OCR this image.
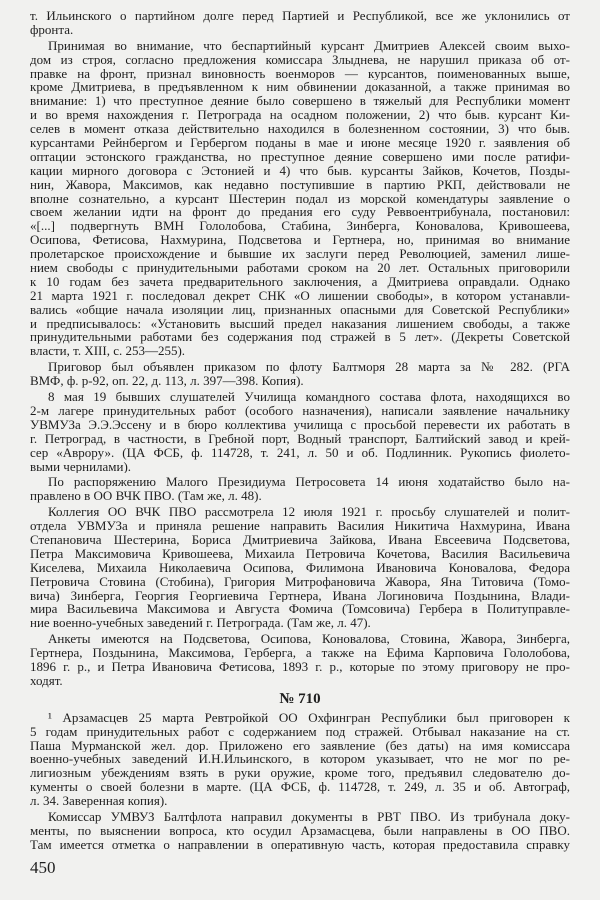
т. Ильинского о партийном долге перед Партией и Республикой, все же уклонились от
фронта.
Принимая во внимание, что беспартийный курсант Дмитриев Алексей своим выхо-
дом из строя, согласно предложения комиссара Злыднева, не нарушил приказа об от-
правке на фронт, признал виновность военморов — курсантов, поименованных выше,
кроме Дмитриева, в предъявленном к ним обвинении доказанной, а также принимая во
внимание: 1) что преступное деяние было совершено в тяжелый для Республики момент
и во время нахождения г. Петрограда на осадном положении, 2) что быв. курсант Ки-
селев в момент отказа действительно находился в болезненном состоянии, 3) что быв.
курсантами Рейнбергом и Гербергом поданы в мае и июне месяце 1920 г. заявления об
оптации эстонского гражданства, но преступное деяние совершено ими после ратифи-
кации мирного договора с Эстонией и 4) что быв. курсанты Зайков, Кочетов, Позды-
нин, Жавора, Максимов, как недавно поступившие в партию РКП, действовали не
вполне сознательно, а курсант Шестерин подал из морской комендатуры заявление о
своем желании идти на фронт до предания его суду Реввоентрибунала, постановил:
«[...] подвергнуть ВМН Гололобова, Стабина, Зинберга, Коновалова, Кривошеева,
Осипова, Фетисова, Нахмурина, Подсветова и Гертнера, но, принимая во внимание
пролетарское происхождение и бывшие их заслуги перед Революцией, заменил лише-
нием свободы с принудительными работами сроком на 20 лет. Остальных приговорили
к 10 годам без зачета предварительного заключения, а Дмитриева оправдали. Однако
21 марта 1921 г. последовал декрет СНК «О лишении свободы», в котором устанавли-
вались «общие начала изоляции лиц, признанных опасными для Советской Республики»
и предписывалось: «Установить высший предел наказания лишением свободы, а также
принудительными работами без содержания под стражей в 5 лет». (Декреты Советской
власти, т. XIII, с. 253—255).
Приговор был объявлен приказом по флоту Балтморя 28 марта за № 282. (РГА
ВМФ, ф. р-92, оп. 22, д. 113, л. 397—398. Копия).
8 мая 19 бывших слушателей Училища командного состава флота, находящихся во
2-м лагере принудительных работ (особого назначения), написали заявление начальнику
УВМУЗа Э.Э.Эссену и в бюро коллектива училища с просьбой перевести их работать в
г. Петроград, в частности, в Гребной порт, Водный транспорт, Балтийский завод и крей-
сер «Аврору». (ЦА ФСБ, ф. 114728, т. 241, л. 50 и об. Подлинник. Рукопись фиолето-
выми чернилами).
По распоряжению Малого Президиума Петросовета 14 июня ходатайство было на-
правлено в ОО ВЧК ПВО. (Там же, л. 48).
Коллегия ОО ВЧК ПВО рассмотрела 12 июля 1921 г. просьбу слушателей и полит-
отдела УВМУЗа и приняла решение направить Василия Никитича Нахмурина, Ивана
Степановича Шестерина, Бориса Дмитриевича Зайкова, Ивана Евсеевича Подсветова,
Петра Максимовича Кривошеева, Михаила Петровича Кочетова, Василия Васильевича
Киселева, Михаила Николаевича Осипова, Филимона Ивановича Коновалова, Федора
Петровича Стовина (Стобина), Григория Митрофановича Жавора, Яна Титовича (Томо-
вича) Зинберга, Георгия Георгиевича Гертнера, Ивана Логиновича Поздынина, Влади-
мира Васильевича Максимова и Августа Фомича (Томсовича) Гербера в Политуправле-
ние военно-учебных заведений г. Петрограда. (Там же, л. 47).
Анкеты имеются на Подсветова, Осипова, Коновалова, Стовина, Жавора, Зинберга,
Гертнера, Поздынина, Максимова, Герберга, а также на Ефима Карповича Гололобова,
1896 г. р., и Петра Ивановича Фетисова, 1893 г. р., которые по этому приговору не про-
ходят.
№ 710
¹ Арзамасцев 25 марта Ревтройкой ОО Охфингран Республики был приговорен к
5 годам принудительных работ с содержанием под стражей. Отбывал наказание на ст.
Паша Мурманской жел. дор. Приложено его заявление (без даты) на имя комиссара
военно-учебных заведений И.Н.Ильинского, в котором указывает, что не мог по ре-
лигиозным убеждениям взять в руки оружие, кроме того, предъявил следователю до-
кументы о своей болезни в марте. (ЦА ФСБ, ф. 114728, т. 249, л. 35 и об. Автограф,
л. 34. Заверенная копия).
Комиссар УМВУЗ Балтфлота направил документы в РВТ ПВО. Из трибунала доку-
менты, по выяснении вопроса, кто осудил Арзамасцева, были направлены в ОО ПВО.
Там имеется отметка о направлении в оперативную часть, которая предоставила справку
450
